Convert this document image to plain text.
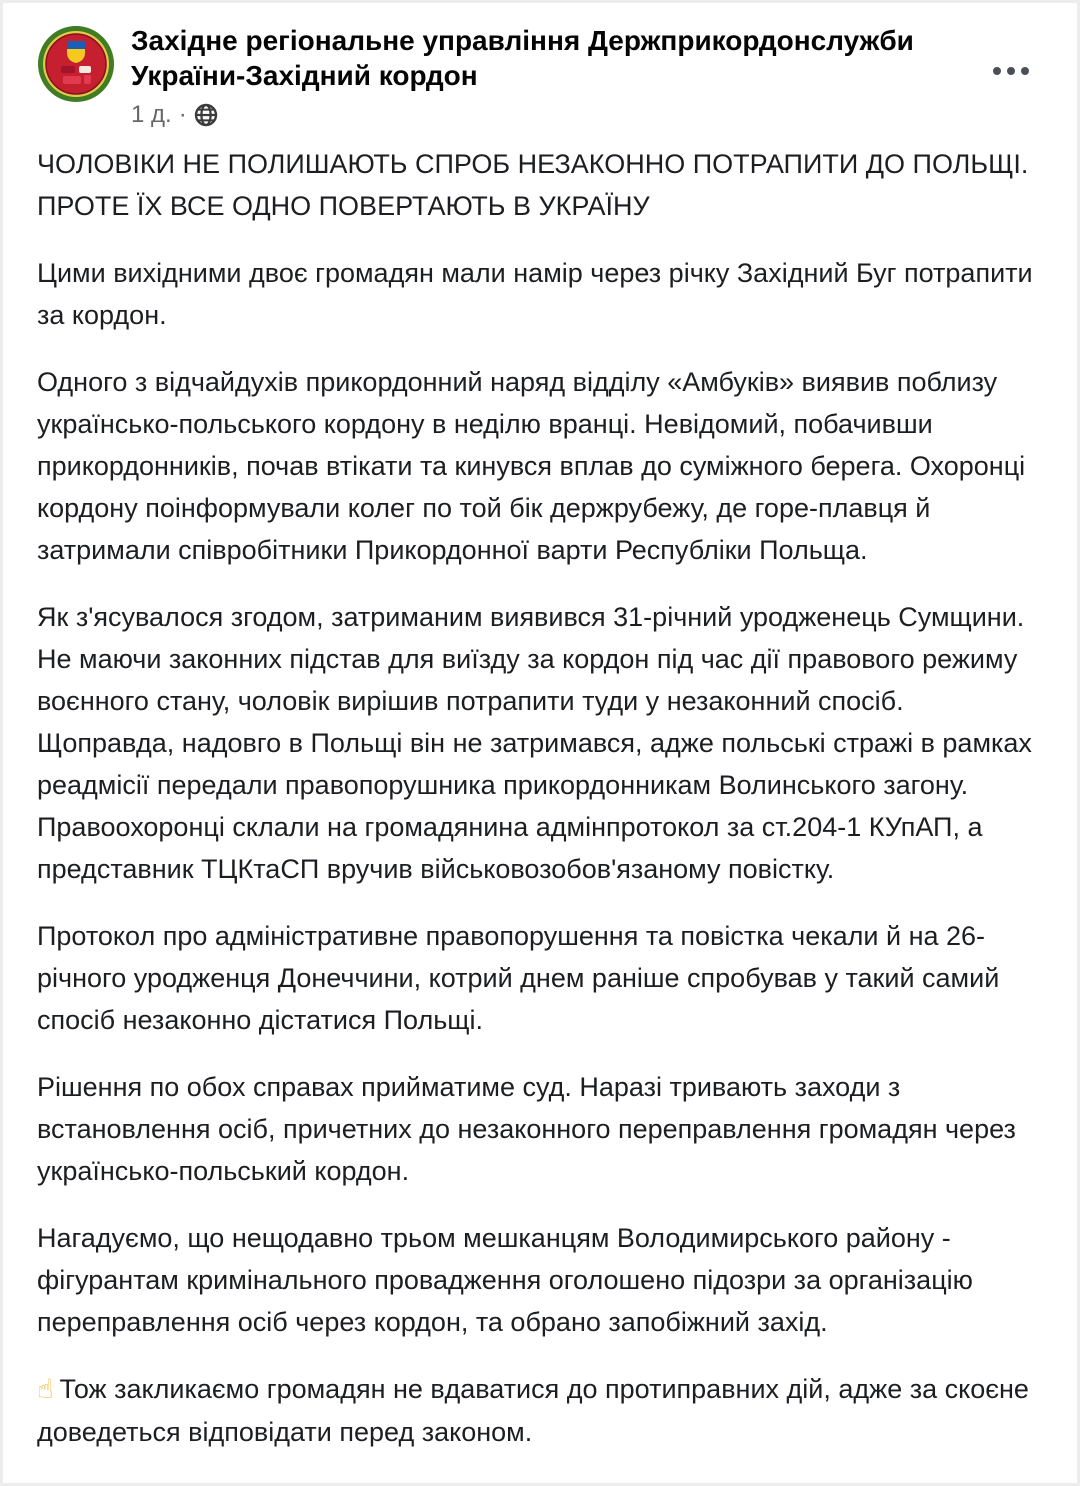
Західне регіональне управління Держприкордонслужби України-Західний кордон
1 д. ·

ЧОЛОВІКИ НЕ ПОЛИШАЮТЬ СПРОБ НЕЗАКОННО ПОТРАПИТИ ДО ПОЛЬЩІ. ПРОТЕ ЇХ ВСЕ ОДНО ПОВЕРТАЮТЬ В УКРАЇНУ

Цими вихідними двоє громадян мали намір через річку Західний Буг потрапити за кордон.

Одного з відчайдухів прикордонний наряд відділу «Амбуків» виявив поблизу українсько-польського кордону в неділю вранці. Невідомий, побачивши прикордонників, почав втікати та кинувся вплав до суміжного берега. Охоронці кордону поінформували колег по той бік держрубежу, де горе-плавця й затримали співробітники Прикордонної варти Республіки Польща.

Як з'ясувалося згодом, затриманим виявився 31-річний уродженець Сумщини. Не маючи законних підстав для виїзду за кордон під час дії правового режиму воєнного стану, чоловік вирішив потрапити туди у незаконний спосіб. Щоправда, надовго в Польщі він не затримався, адже польські стражі в рамках реадмісії передали правопорушника прикордонникам Волинського загону. Правоохоронці склали на громадянина адмінпротокол за ст.204-1 КУпАП, а представник ТЦКтаСП вручив військовозобов'язаному повістку.

Протокол про адміністративне правопорушення та повістка чекали й на 26-річного уродженця Донеччини, котрий днем раніше спробував у такий самий спосіб незаконно дістатися Польщі.

Рішення по обох справах прийматиме суд. Наразі тривають заходи з встановлення осіб, причетних до незаконного переправлення громадян через українсько-польський кордон.

Нагадуємо, що нещодавно трьом мешканцям Володимирського району - фігурантам кримінального провадження оголошено підозри за організацію переправлення осіб через кордон, та обрано запобіжний захід.

☝ Тож закликаємо громадян не вдаватися до протиправних дій, адже за скоєне доведеться відповідати перед законом.
